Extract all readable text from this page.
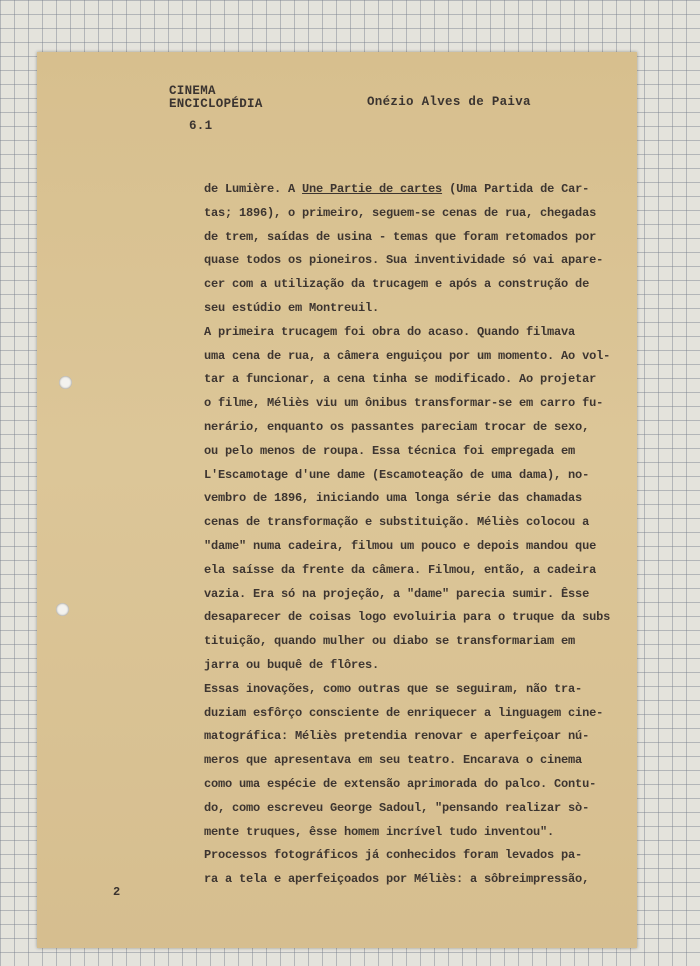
CINEMA
ENCICLOPÉDIA	Onézio Alves de Paiva
6.1
de Lumière. A Une Partie de cartes (Uma Partida de Car-
tas; 1896), o primeiro, seguem-se cenas de rua, chegadas
de trem, saídas de usina - temas que foram retomados por
quase todos os pioneiros. Sua inventividade só vai apare-
cer com a utilização da trucagem e após a construção de
seu estúdio em Montreuil.
A primeira trucagem foi obra do acaso. Quando filmava
uma cena de rua, a câmera enguiçou por um momento. Ao vol-
tar a funcionar, a cena tinha se modificado. Ao projetar
o filme, Méliès viu um ônibus transformar-se em carro fu-
nerário, enquanto os passantes pareciam trocar de sexo,
ou pelo menos de roupa. Essa técnica foi empregada em
L'Escamotage d'une dame (Escamoteação de uma dama), no-
vembro de 1896, iniciando uma longa série das chamadas
cenas de transformação e substituição. Méliès colocou a
"dame" numa cadeira, filmou um pouco e depois mandou que
ela saísse da frente da câmera. Filmou, então, a cadeira
vazia. Era só na projeção, a "dame" parecia sumir. Êsse
desaparecer de coisas logo evoluiria para o truque da subs
tituição, quando mulher ou diabo se transformariam em
jarra ou buquê de flôres.
Essas inovações, como outras que se seguiram, não tra-
duziam esfôrço consciente de enriquecer a linguagem cine-
matográfica: Méliès pretendia renovar e aperfeiçoar nú-
meros que apresentava em seu teatro. Encarava o cinema
como uma espécie de extensão aprimorada do palco. Contu-
do, como escreveu George Sadoul, "pensando realizar sò-
mente truques, êsse homem incrível tudo inventou".
Processos fotográficos já conhecidos foram levados pa-
ra a tela e aperfeiçoados por Méliès: a sôbreimpressão,
2
